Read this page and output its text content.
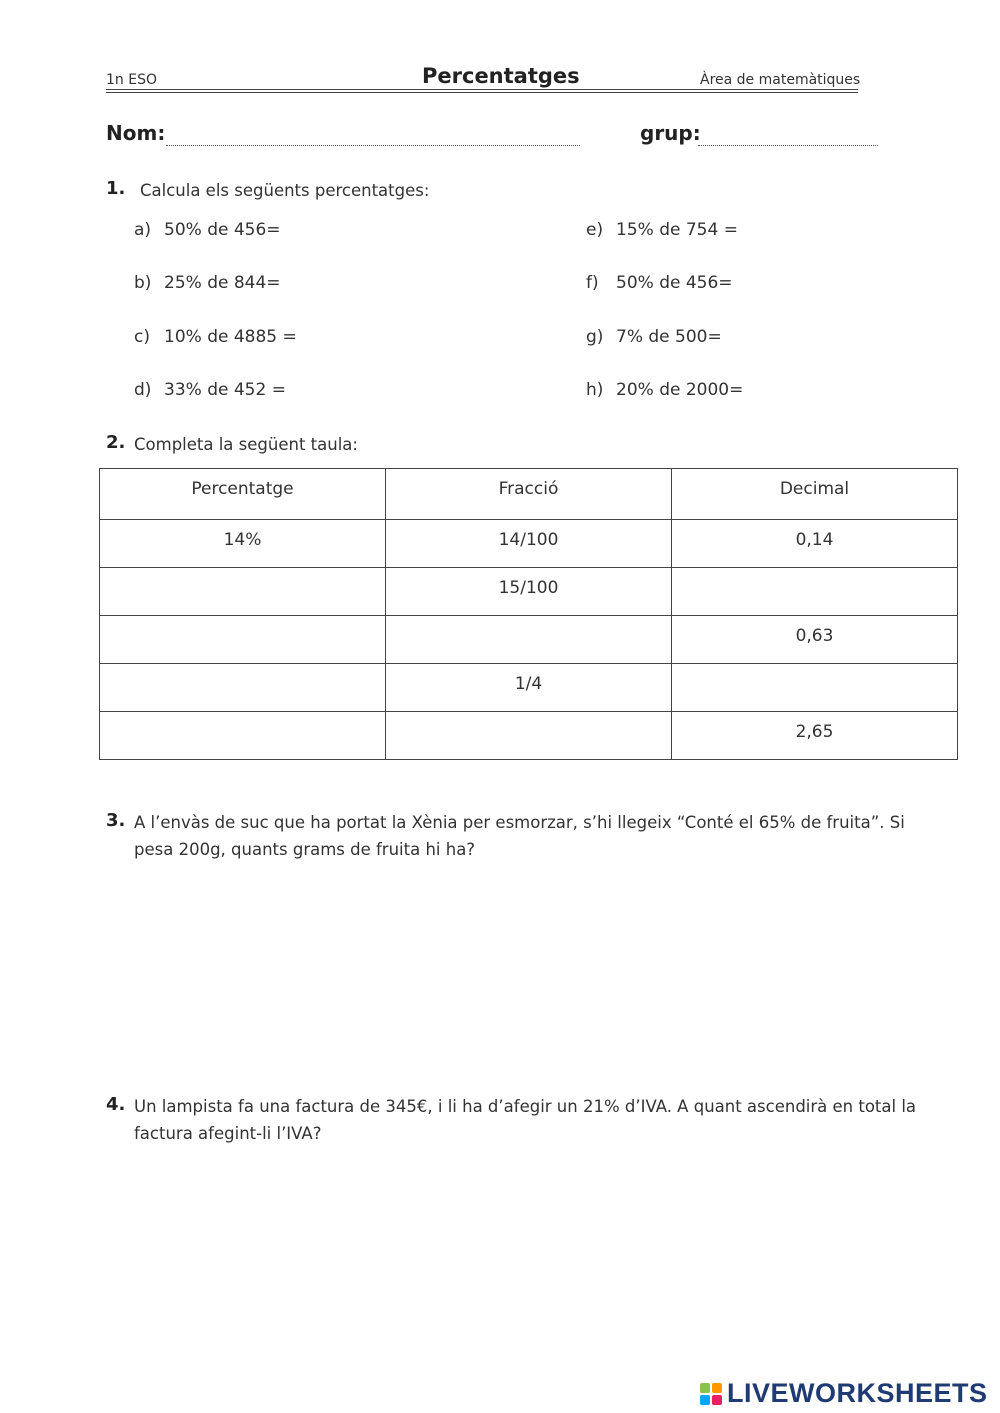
1n ESO	Percentatges	Àrea de matemàtiques
Nom:	grup:
1. Calcula els següents percentatges:
a) 50% de 456=
b) 25% de 844=
c) 10% de 4885 =
d) 33% de 452 =
e) 15% de 754 =
f) 50% de 456=
g) 7% de 500=
h) 20% de 2000=
2. Completa la següent taula:
Percentatge	Fracció	Decimal
14%	14/100	0,14
	15/100	
		0,63
	1/4	
		2,65
3. A l’envàs de suc que ha portat la Xènia per esmorzar, s’hi llegeix “Conté el 65% de fruita”. Si
pesa 200g, quants grams de fruita hi ha?
4. Un lampista fa una factura de 345€, i li ha d’afegir un 21% d’IVA. A quant ascendirà en total la
factura afegint-li l’IVA?
LIVEWORKSHEETS
